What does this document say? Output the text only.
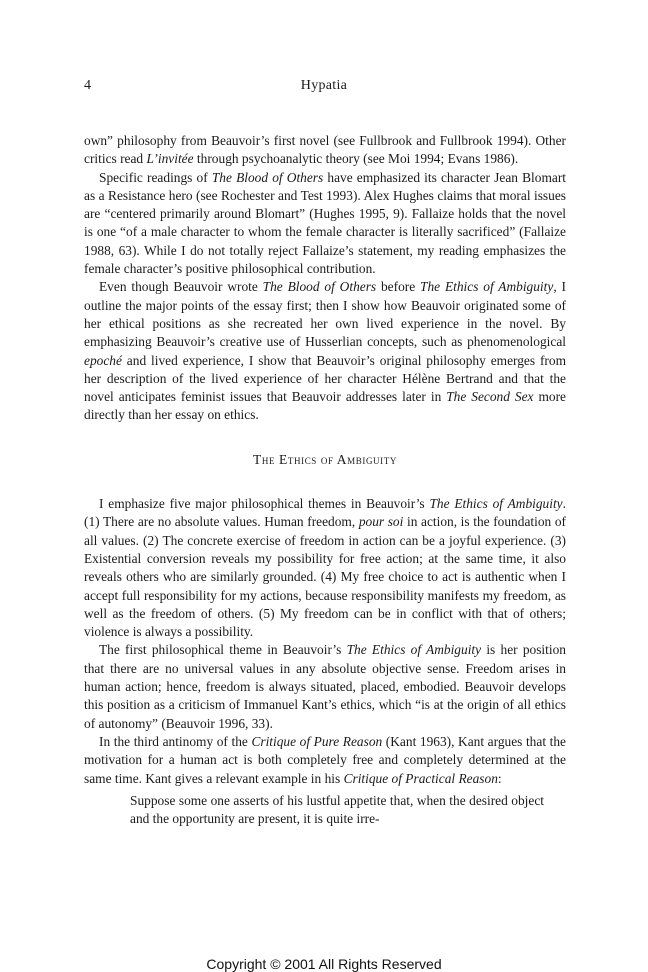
4	Hypatia

own” philosophy from Beauvoir’s first novel (see Fullbrook and Fullbrook 1994). Other critics read L’invitée through psychoanalytic theory (see Moi 1994; Evans 1986).

Specific readings of The Blood of Others have emphasized its character Jean Blomart as a Resistance hero (see Rochester and Test 1993). Alex Hughes claims that moral issues are “centered primarily around Blomart” (Hughes 1995, 9). Fallaize holds that the novel is one “of a male character to whom the female character is literally sacrificed” (Fallaize 1988, 63). While I do not totally reject Fallaize’s statement, my reading emphasizes the female character’s positive philosophical contribution.

Even though Beauvoir wrote The Blood of Others before The Ethics of Ambiguity, I outline the major points of the essay first; then I show how Beauvoir originated some of her ethical positions as she recreated her own lived experience in the novel. By emphasizing Beauvoir’s creative use of Husserlian concepts, such as phenomenological epoché and lived experience, I show that Beauvoir’s original philosophy emerges from her description of the lived experience of her character Hélène Bertrand and that the novel anticipates feminist issues that Beauvoir addresses later in The Second Sex more directly than her essay on ethics.

The Ethics of Ambiguity

I emphasize five major philosophical themes in Beauvoir’s The Ethics of Ambiguity. (1) There are no absolute values. Human freedom, pour soi in action, is the foundation of all values. (2) The concrete exercise of freedom in action can be a joyful experience. (3) Existential conversion reveals my possibility for free action; at the same time, it also reveals others who are similarly grounded. (4) My free choice to act is authentic when I accept full responsibility for my actions, because responsibility manifests my freedom, as well as the freedom of others. (5) My freedom can be in conflict with that of others; violence is always a possibility.

The first philosophical theme in Beauvoir’s The Ethics of Ambiguity is her position that there are no universal values in any absolute objective sense. Freedom arises in human action; hence, freedom is always situated, placed, embodied. Beauvoir develops this position as a criticism of Immanuel Kant’s ethics, which “is at the origin of all ethics of autonomy” (Beauvoir 1996, 33).

In the third antinomy of the Critique of Pure Reason (Kant 1963), Kant argues that the motivation for a human act is both completely free and completely determined at the same time. Kant gives a relevant example in his Critique of Practical Reason:

Suppose some one asserts of his lustful appetite that, when the desired object and the opportunity are present, it is quite irre-

Copyright © 2001 All Rights Reserved
